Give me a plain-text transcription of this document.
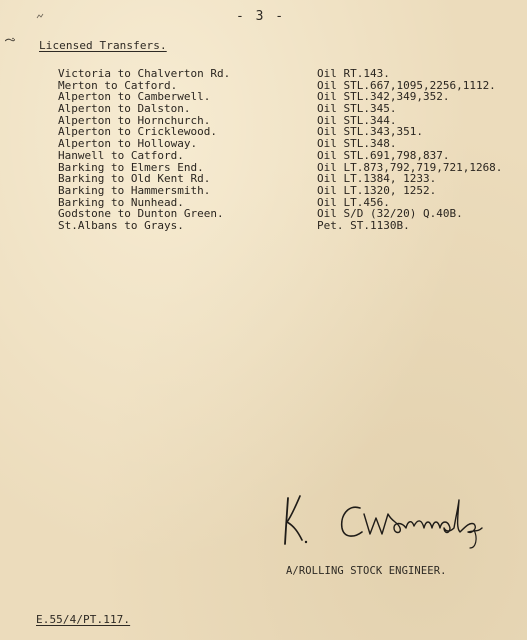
- 3 -
Licensed Transfers.
Victoria to Chalverton Rd.	Oil RT.143.
Merton to Catford.	Oil STL.667,1095,2256,1112.
Alperton to Camberwell.	Oil STL.342,349,352.
Alperton to Dalston.	Oil STL.345.
Alperton to Hornchurch.	Oil STL.344.
Alperton to Cricklewood.	Oil STL.343,351.
Alperton to Holloway.	Oil STL.348.
Hanwell to Catford.	Oil STL.691,798,837.
Barking to Elmers End.	Oil LT.873,792,719,721,1268.
Barking to Old Kent Rd.	Oil LT.1384, 1233.
Barking to Hammersmith.	Oil LT.1320, 1252.
Barking to Nunhead.	Oil LT.456.
Godstone to Dunton Green.	Oil S/D (32/20) Q.40B.
St.Albans to Grays.	Pet. ST.1130B.
A/ROLLING STOCK ENGINEER.
E.55/4/PT.117.
